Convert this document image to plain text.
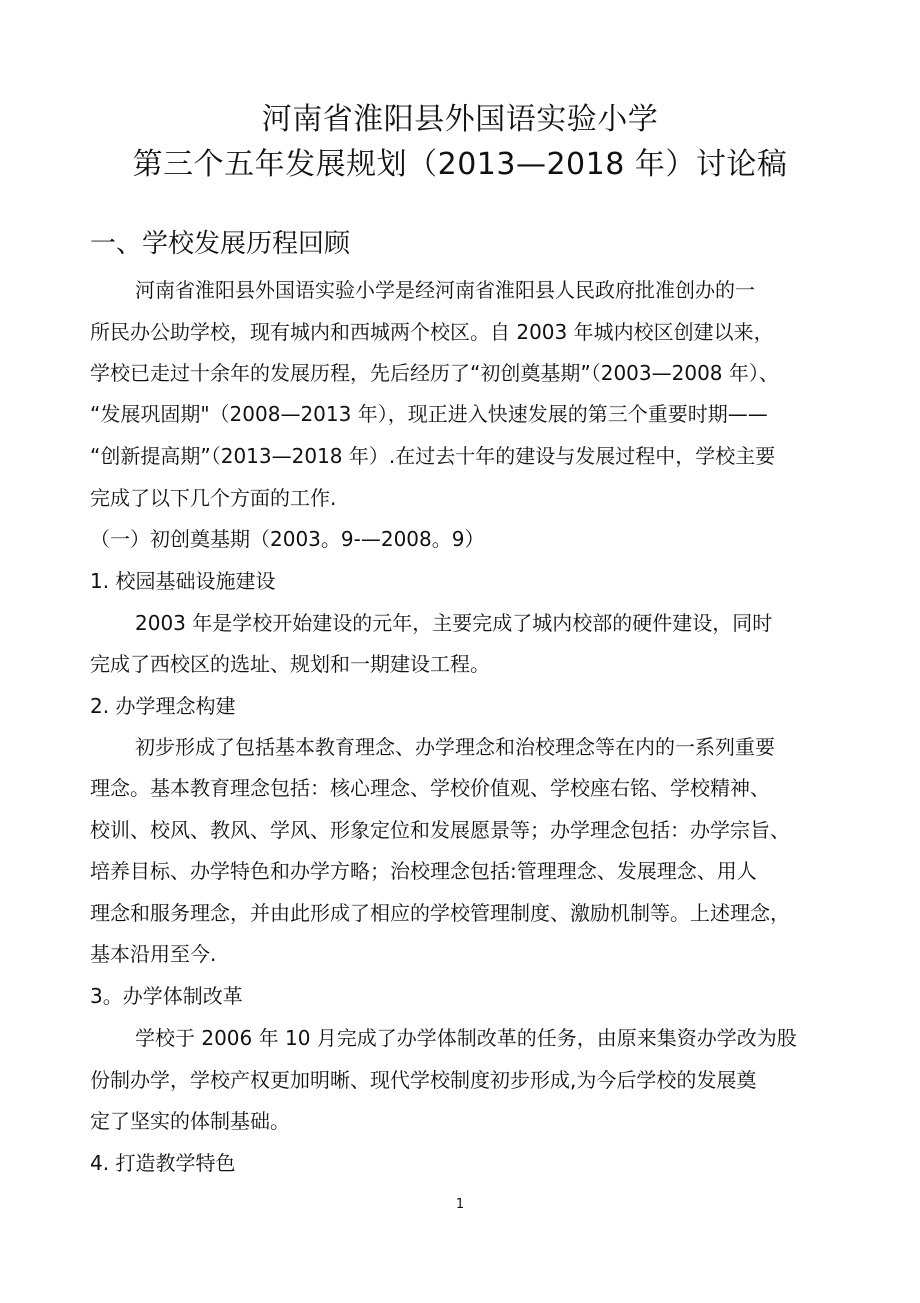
河南省淮阳县外国语实验小学
第三个五年发展规划（2013—2018 年）讨论稿
一、学校发展历程回顾
河南省淮阳县外国语实验小学是经河南省淮阳县人民政府批准创办的一
所民办公助学校，现有城内和西城两个校区。自 2003 年城内校区创建以来，
学校已走过十余年的发展历程，先后经历了“初创奠基期”（2003—2008 年）、
“发展巩固期"（2008—2013 年），现正进入快速发展的第三个重要时期——
“创新提高期”（2013—2018 年）.在过去十年的建设与发展过程中，学校主要
完成了以下几个方面的工作.
（一）初创奠基期（2003。9-—2008。9）
1. 校园基础设施建设
2003 年是学校开始建设的元年，主要完成了城内校部的硬件建设，同时
完成了西校区的选址、规划和一期建设工程。
2. 办学理念构建
初步形成了包括基本教育理念、办学理念和治校理念等在内的一系列重要
理念。基本教育理念包括：核心理念、学校价值观、学校座右铭、学校精神、
校训、校风、教风、学风、形象定位和发展愿景等；办学理念包括：办学宗旨、
培养目标、办学特色和办学方略；治校理念包括:管理理念、发展理念、用人
理念和服务理念，并由此形成了相应的学校管理制度、激励机制等。上述理念，
基本沿用至今.
3。办学体制改革
学校于 2006 年 10 月完成了办学体制改革的任务，由原来集资办学改为股
份制办学，学校产权更加明晰、现代学校制度初步形成,为今后学校的发展奠
定了坚实的体制基础。
4. 打造教学特色
1
